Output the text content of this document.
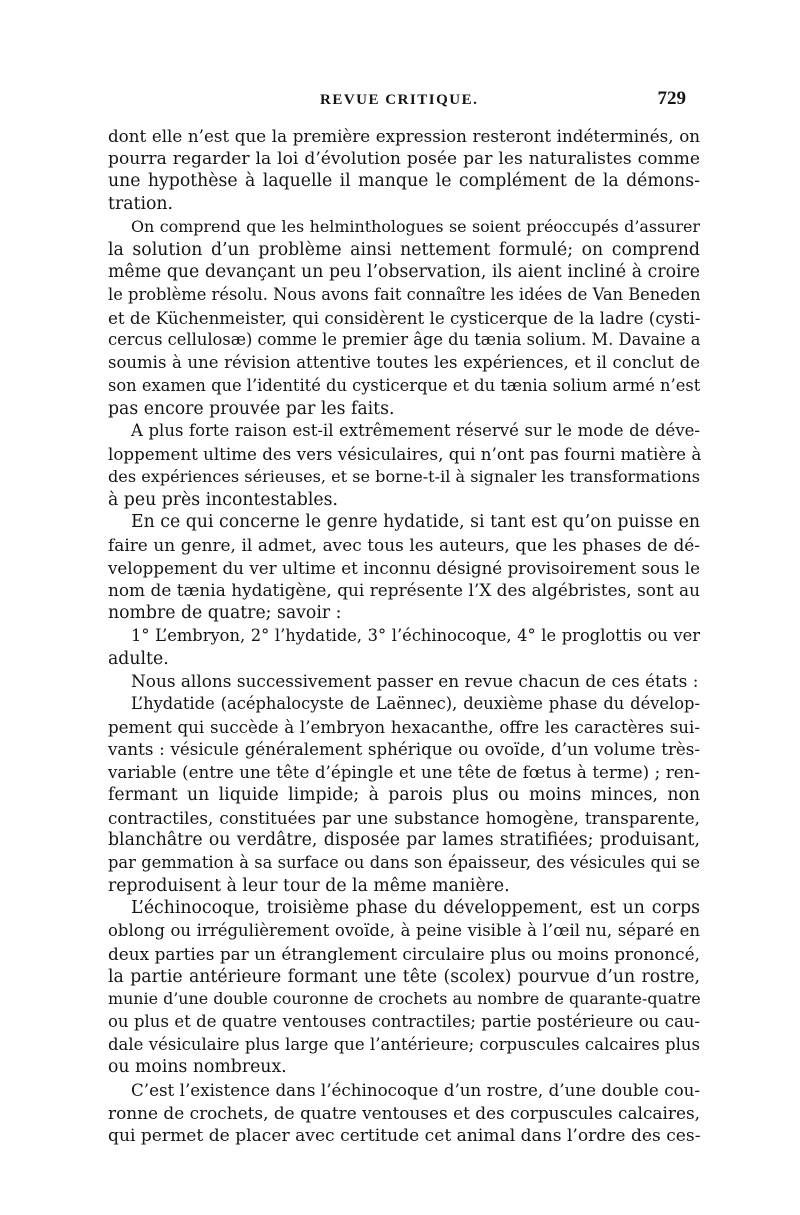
REVUE CRITIQUE.	729
dont elle n’est que la première expression resteront indéterminés, on
pourra regarder la loi d’évolution posée par les naturalistes comme
une hypothèse à laquelle il manque le complément de la démons-
tration.
On comprend que les helminthologues se soient préoccupés d’assurer
la solution d’un problème ainsi nettement formulé; on comprend
même que devançant un peu l’observation, ils aient incliné à croire
le problème résolu. Nous avons fait connaître les idées de Van Beneden
et de Küchenmeister, qui considèrent le cysticerque de la ladre (cysti-
cercus cellulosæ) comme le premier âge du tænia solium. M. Davaine a
soumis à une révision attentive toutes les expériences, et il conclut de
son examen que l’identité du cysticerque et du tænia solium armé n’est
pas encore prouvée par les faits.
A plus forte raison est-il extrêmement réservé sur le mode de déve-
loppement ultime des vers vésiculaires, qui n’ont pas fourni matière à
des expériences sérieuses, et se borne-t-il à signaler les transformations
à peu près incontestables.
En ce qui concerne le genre hydatide, si tant est qu’on puisse en
faire un genre, il admet, avec tous les auteurs, que les phases de dé-
veloppement du ver ultime et inconnu désigné provisoirement sous le
nom de tænia hydatigène, qui représente l’X des algébristes, sont au
nombre de quatre; savoir :
1° L’embryon, 2° l’hydatide, 3° l’échinocoque, 4° le proglottis ou ver
adulte.
Nous allons successivement passer en revue chacun de ces états :
L’hydatide (acéphalocyste de Laënnec), deuxième phase du dévelop-
pement qui succède à l’embryon hexacanthe, offre les caractères sui-
vants : vésicule généralement sphérique ou ovoïde, d’un volume très-
variable (entre une tête d’épingle et une tête de fœtus à terme) ; ren-
fermant un liquide limpide; à parois plus ou moins minces, non
contractiles, constituées par une substance homogène, transparente,
blanchâtre ou verdâtre, disposée par lames stratifiées; produisant,
par gemmation à sa surface ou dans son épaisseur, des vésicules qui se
reproduisent à leur tour de la même manière.
L’échinocoque, troisième phase du développement, est un corps
oblong ou irrégulièrement ovoïde, à peine visible à l’œil nu, séparé en
deux parties par un étranglement circulaire plus ou moins prononcé,
la partie antérieure formant une tête (scolex) pourvue d’un rostre,
munie d’une double couronne de crochets au nombre de quarante-quatre
ou plus et de quatre ventouses contractiles; partie postérieure ou cau-
dale vésiculaire plus large que l’antérieure; corpuscules calcaires plus
ou moins nombreux.
C’est l’existence dans l’échinocoque d’un rostre, d’une double cou-
ronne de crochets, de quatre ventouses et des corpuscules calcaires,
qui permet de placer avec certitude cet animal dans l’ordre des ces-
